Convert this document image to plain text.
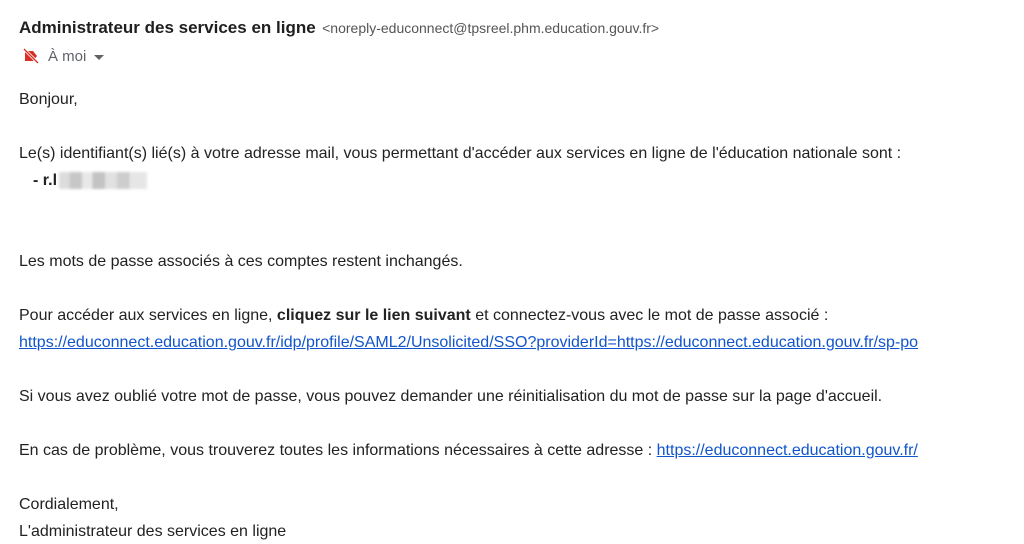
Administrateur des services en ligne <noreply-educonnect@tpsreel.phm.education.gouv.fr>
À moi

Bonjour,

Le(s) identifiant(s) lié(s) à votre adresse mail, vous permettant d'accéder aux services en ligne de l'éducation nationale sont :

- r.l

Les mots de passe associés à ces comptes restent inchangés.

Pour accéder aux services en ligne, cliquez sur le lien suivant et connectez-vous avec le mot de passe associé :

https://educonnect.education.gouv.fr/idp/profile/SAML2/Unsolicited/SSO?providerId=https://educonnect.education.gouv.fr/sp-po

Si vous avez oublié votre mot de passe, vous pouvez demander une réinitialisation du mot de passe sur la page d'accueil.

En cas de problème, vous trouverez toutes les informations nécessaires à cette adresse : https://educonnect.education.gouv.fr/

Cordialement,

L'administrateur des services en ligne
